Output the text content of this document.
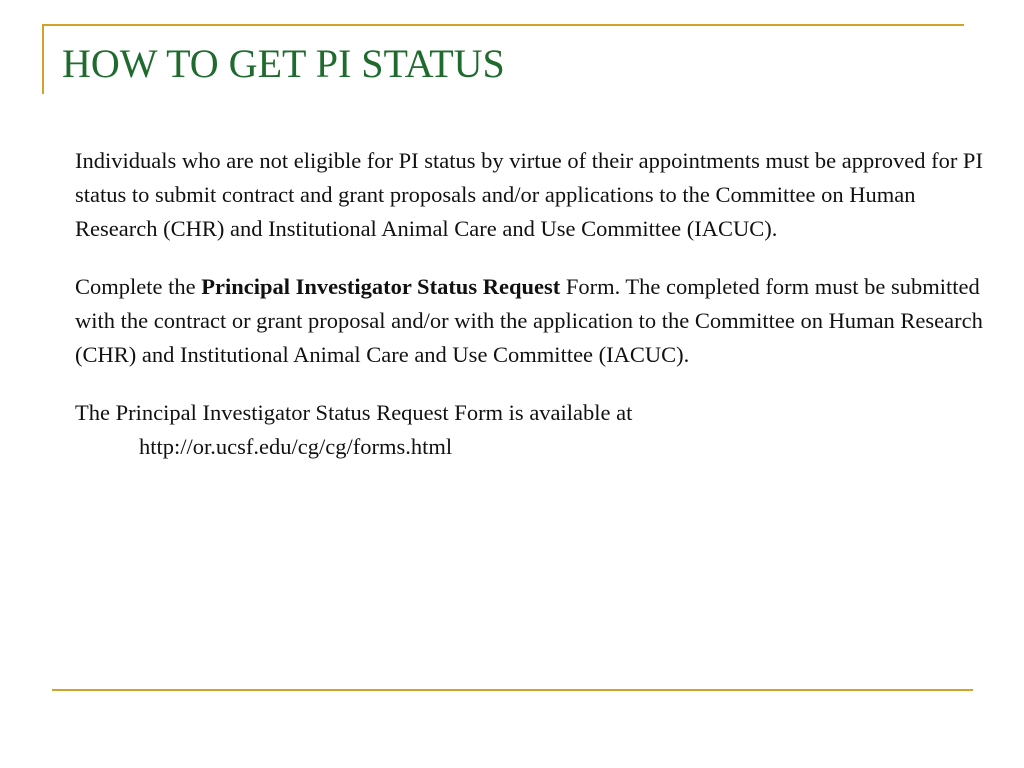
HOW TO GET PI STATUS

Individuals who are not eligible for PI status by virtue of their appointments must be approved for PI status to submit contract and grant proposals and/or applications to the Committee on Human Research (CHR) and Institutional Animal Care and Use Committee (IACUC).

Complete the Principal Investigator Status Request Form. The completed form must be submitted with the contract or grant proposal and/or with the application to the Committee on Human Research (CHR) and Institutional Animal Care and Use Committee (IACUC).

The Principal Investigator Status Request Form is available at
http://or.ucsf.edu/cg/cg/forms.html
